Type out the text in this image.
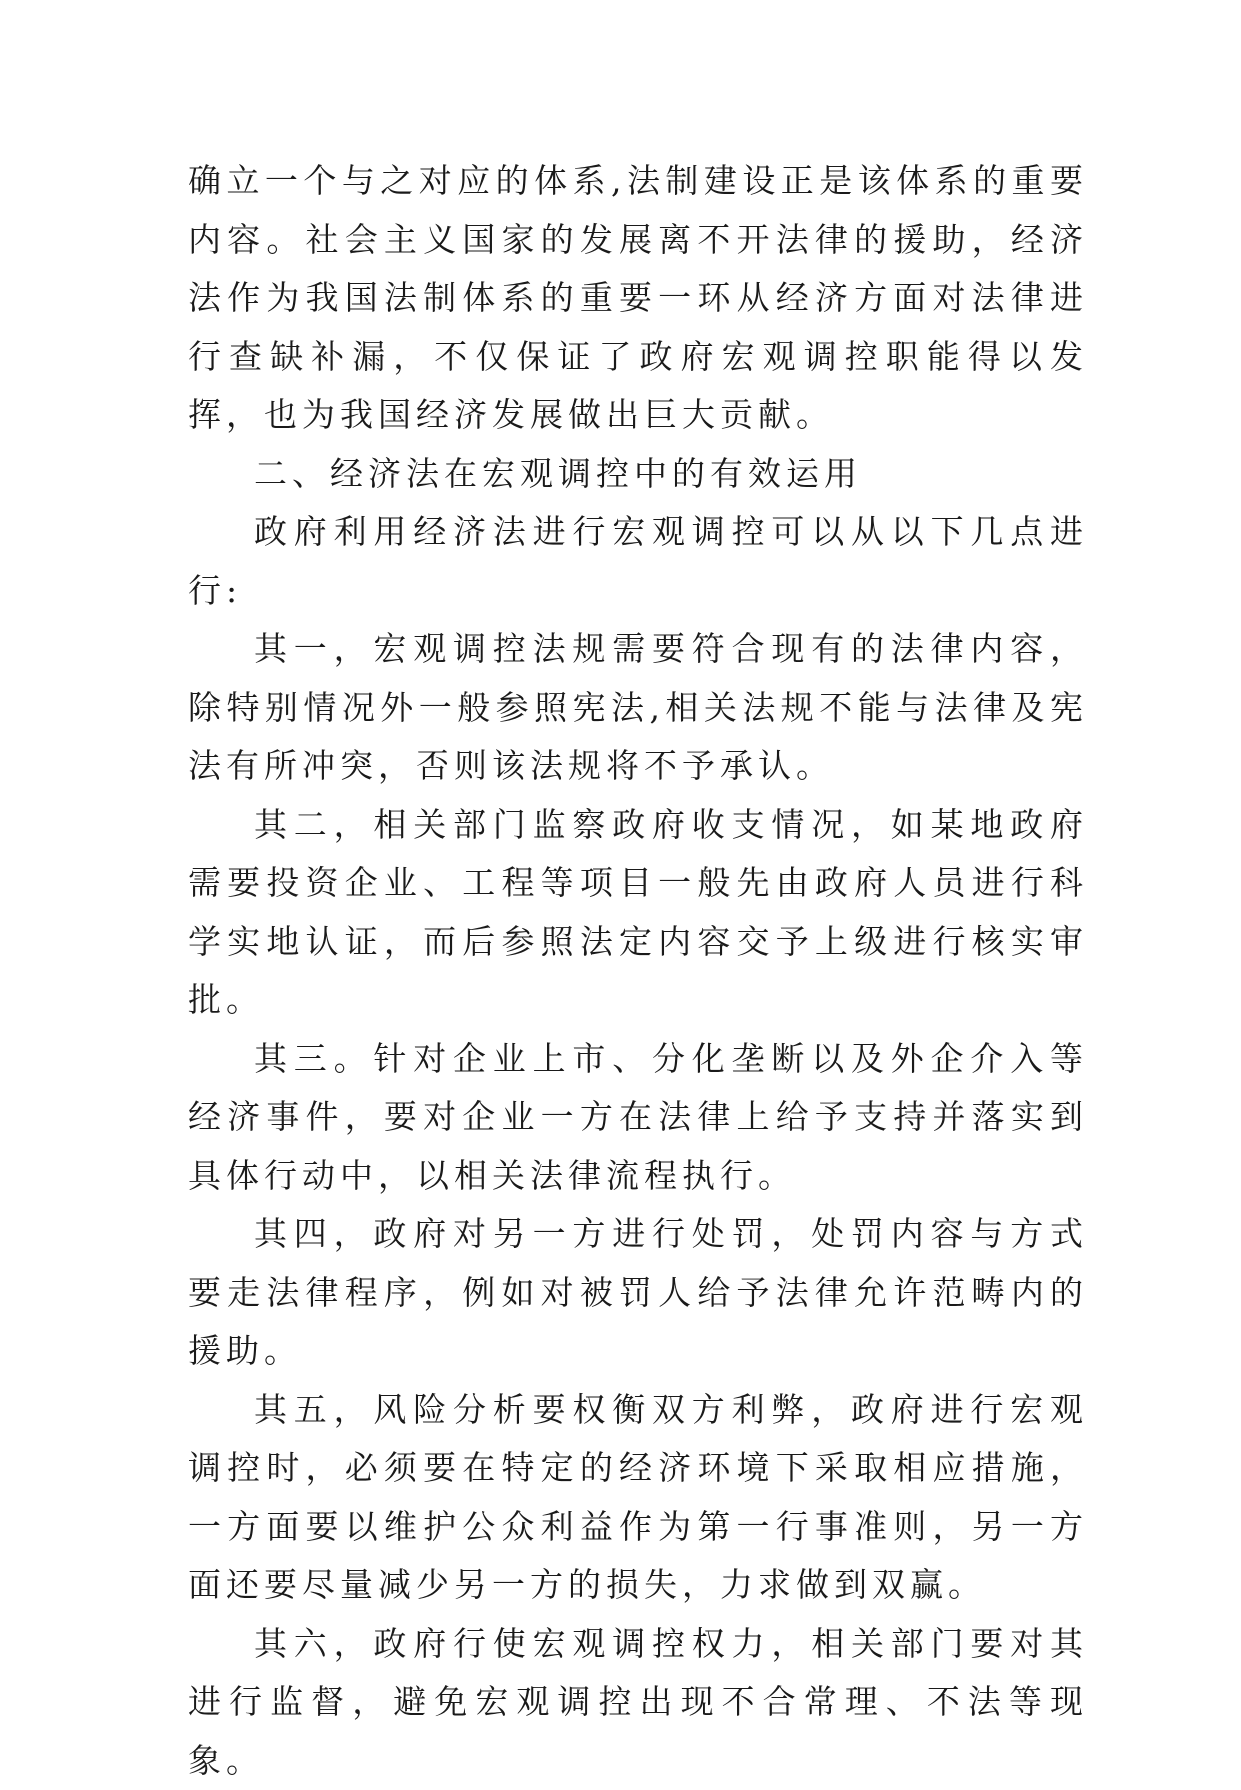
确立一个与之对应的体系,法制建设正是该体系的重要内容。社会主义国家的发展离不开法律的援助，经济法作为我国法制体系的重要一环从经济方面对法律进行查缺补漏，不仅保证了政府宏观调控职能得以发挥，也为我国经济发展做出巨大贡献。

二、经济法在宏观调控中的有效运用

政府利用经济法进行宏观调控可以从以下几点进行:

其一，宏观调控法规需要符合现有的法律内容，除特别情况外一般参照宪法,相关法规不能与法律及宪法有所冲突，否则该法规将不予承认。

其二，相关部门监察政府收支情况，如某地政府需要投资企业、工程等项目一般先由政府人员进行科学实地认证，而后参照法定内容交予上级进行核实审批。

其三。针对企业上市、分化垄断以及外企介入等经济事件，要对企业一方在法律上给予支持并落实到具体行动中，以相关法律流程执行。

其四，政府对另一方进行处罚，处罚内容与方式要走法律程序，例如对被罚人给予法律允许范畴内的援助。

其五，风险分析要权衡双方利弊，政府进行宏观调控时，必须要在特定的经济环境下采取相应措施，一方面要以维护公众利益作为第一行事准则，另一方面还要尽量减少另一方的损失，力求做到双赢。

其六，政府行使宏观调控权力，相关部门要对其进行监督，避免宏观调控出现不合常理、不法等现象。
